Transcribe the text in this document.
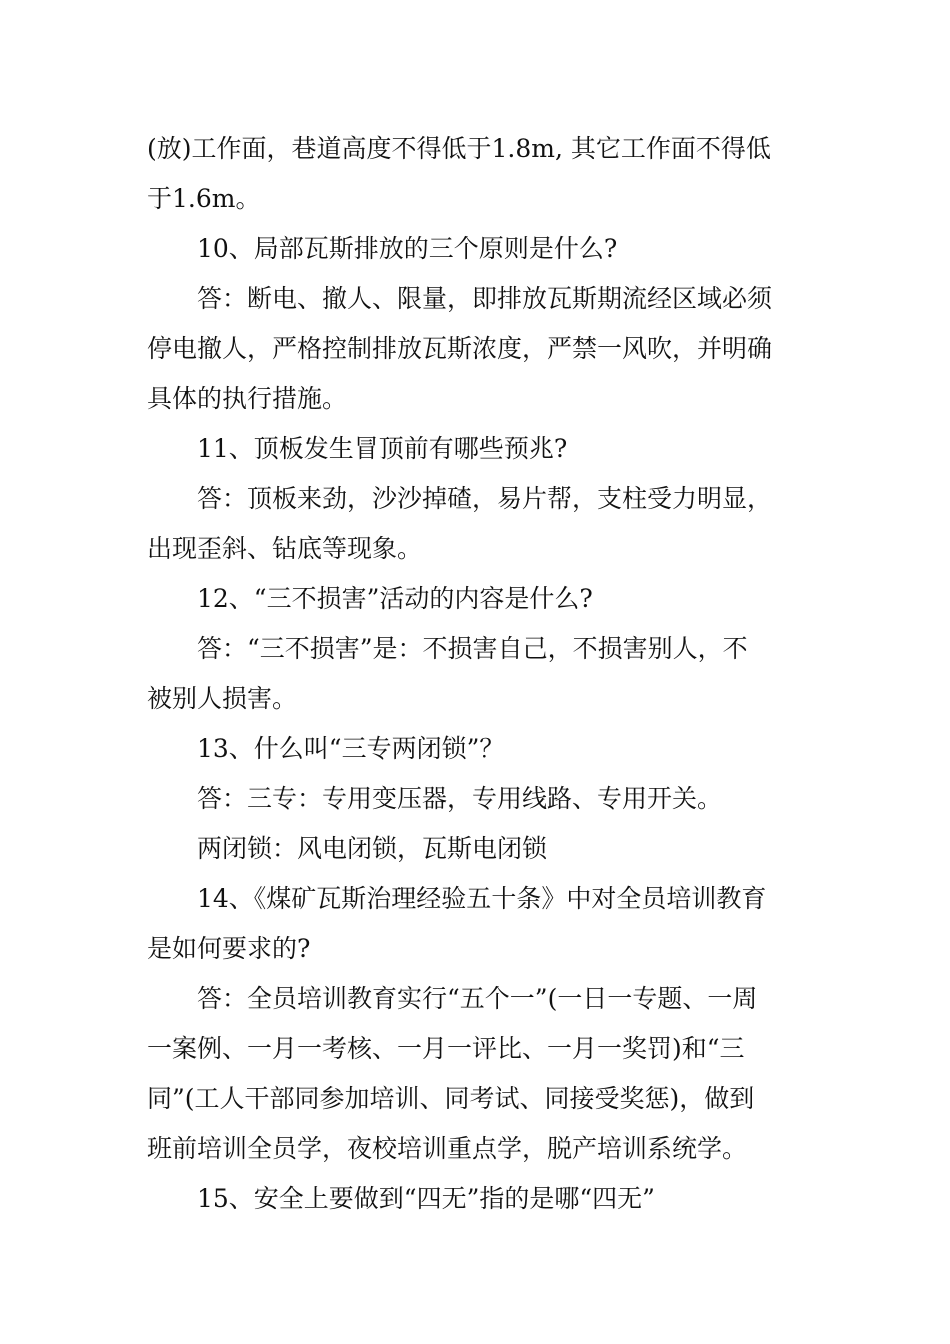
(放)工作面，巷道高度不得低于1.8m, 其它工作面不得低

于1.6m。

10、局部瓦斯排放的三个原则是什么?

答：断电、撤人、限量，即排放瓦斯期流经区域必须

停电撤人，严格控制排放瓦斯浓度，严禁一风吹，并明确

具体的执行措施。

11、顶板发生冒顶前有哪些预兆?

答：顶板来劲，沙沙掉碴，易片帮，支柱受力明显，

出现歪斜、钻底等现象。

12、“三不损害”活动的内容是什么?

答：“三不损害”是：不损害自己，不损害别人，不

被别人损害。

13、什么叫“三专两闭锁”？

答：三专：专用变压器，专用线路、专用开关。

两闭锁：风电闭锁，瓦斯电闭锁

14、《煤矿瓦斯治理经验五十条》中对全员培训教育

是如何要求的?

答：全员培训教育实行“五个一”(一日一专题、一周

一案例、一月一考核、一月一评比、一月一奖罚)和“三

同”(工人干部同参加培训、同考试、同接受奖惩)，做到

班前培训全员学，夜校培训重点学，脱产培训系统学。

15、安全上要做到“四无”指的是哪“四无”
